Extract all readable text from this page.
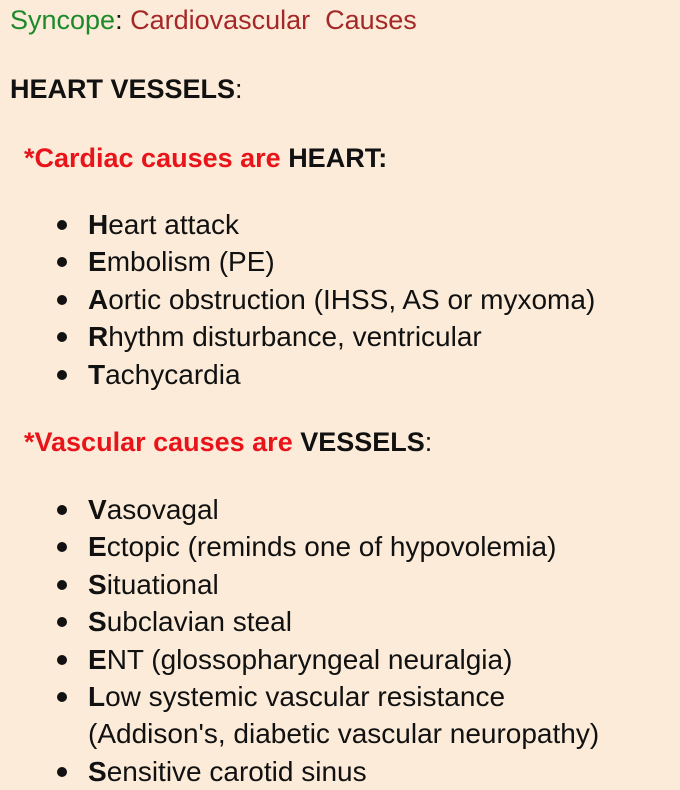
Syncope: Cardiovascular  Causes
HEART VESSELS:
*Cardiac causes are HEART:
Heart attack
Embolism (PE)
Aortic obstruction (IHSS, AS or myxoma)
Rhythm disturbance, ventricular
Tachycardia
*Vascular causes are VESSELS:
Vasovagal
Ectopic (reminds one of hypovolemia)
Situational
Subclavian steal
ENT (glossopharyngeal neuralgia)
Low systemic vascular resistance
(Addison's, diabetic vascular neuropathy)
Sensitive carotid sinus
